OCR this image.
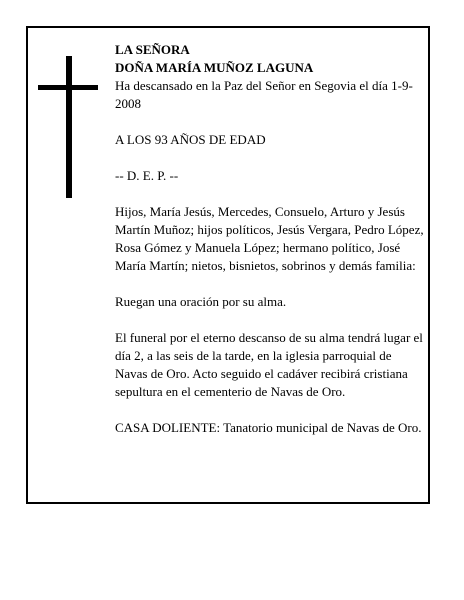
LA SEÑORA
DOÑA MARÍA MUÑOZ LAGUNA

Ha descansado en la Paz del Señor en Segovia el día 1-9-2008

A LOS 93 AÑOS DE EDAD

-- D. E. P. --

Hijos, María Jesús, Mercedes, Consuelo, Arturo y Jesús Martín Muñoz; hijos políticos, Jesús Vergara, Pedro López, Rosa Gómez y Manuela López; hermano político, José María Martín; nietos, bisnietos, sobrinos y demás familia:

Ruegan una oración por su alma.

El funeral por el eterno descanso de su alma tendrá lugar el día 2, a las seis de la tarde, en la iglesia parroquial de Navas de Oro. Acto seguido el cadáver recibirá cristiana sepultura en el cementerio de Navas de Oro.

CASA DOLIENTE: Tanatorio municipal de Navas de Oro.
